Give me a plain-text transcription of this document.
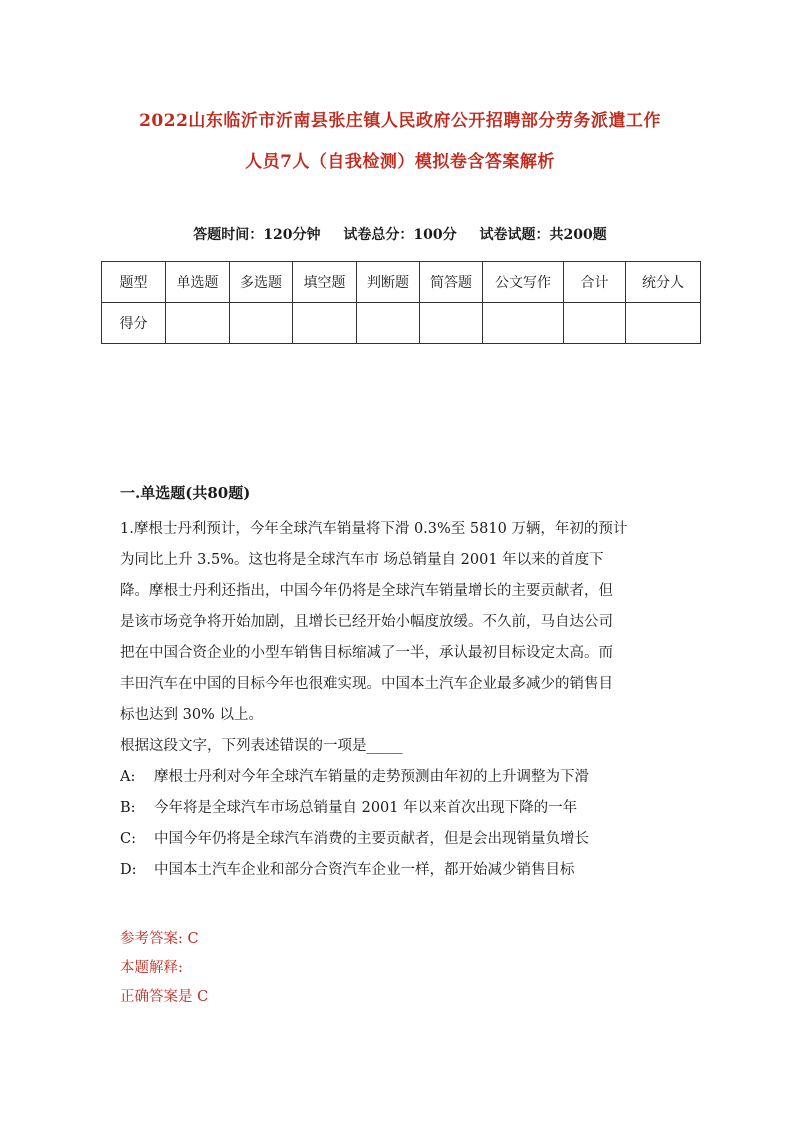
2022山东临沂市沂南县张庄镇人民政府公开招聘部分劳务派遣工作
人员7人（自我检测）模拟卷含答案解析
答题时间：120分钟 试卷总分：100分 试卷试题：共200题
题型	单选题	多选题	填空题	判断题	简答题	公文写作	合计	统分人
得分								
一.单选题(共80题)
1.摩根士丹利预计，今年全球汽车销量将下滑 0.3%至 5810 万辆，年初的预计
为同比上升 3.5%。这也将是全球汽车市 场总销量自 2001 年以来的首度下
降。摩根士丹利还指出，中国今年仍将是全球汽车销量增长的主要贡献者，但
是该市场竞争将开始加剧，且增长已经开始小幅度放缓。不久前，马自达公司
把在中国合资企业的小型车销售目标缩减了一半，承认最初目标设定太高。而
丰田汽车在中国的目标今年也很难实现。中国本土汽车企业最多减少的销售目
标也达到 30% 以上。
根据这段文字，下列表述错误的一项是_____
A: 摩根士丹利对今年全球汽车销量的走势预测由年初的上升调整为下滑
B: 今年将是全球汽车市场总销量自 2001 年以来首次出现下降的一年
C: 中国今年仍将是全球汽车消费的主要贡献者，但是会出现销量负增长
D: 中国本土汽车企业和部分合资汽车企业一样，都开始减少销售目标
参考答案: C
本题解释:
正确答案是 C
